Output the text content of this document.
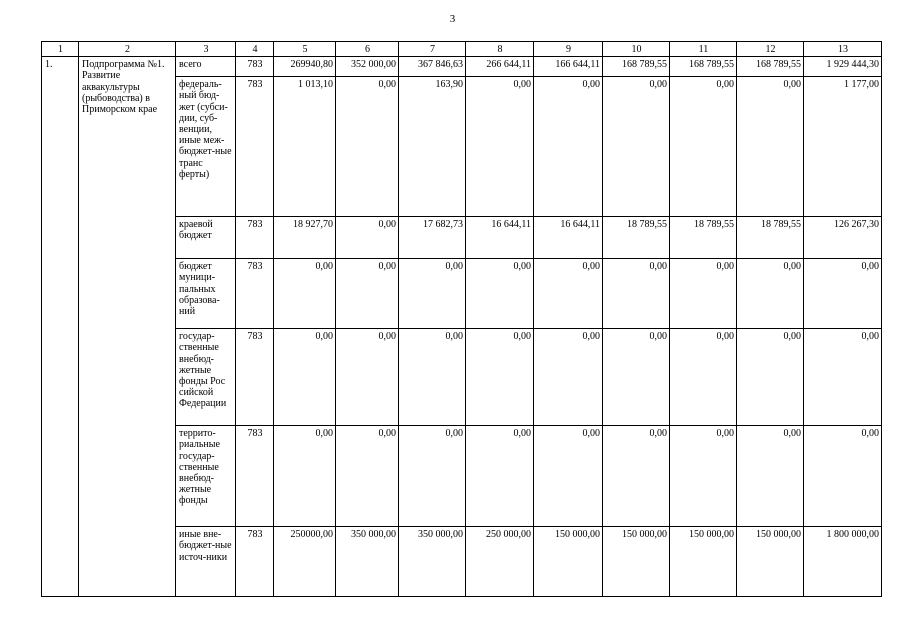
3
1	2	3	4	5	6	7	8	9	10	11	12	13
1.	Подпрограмма №1. Развитие аквакультуры (рыбоводства) в Приморском крае	всего	783	269940,80	352 000,00	367 846,63	266 644,11	166 644,11	168 789,55	168 789,55	168 789,55	1 929 444,30
		федераль-ный бюд-жет (субси-дии, суб-венции, иные меж-бюджет-ные транс ферты)	783	1 013,10	0,00	163,90	0,00	0,00	0,00	0,00	0,00	1 177,00
		краевой бюджет	783	18 927,70	0,00	17 682,73	16 644,11	16 644,11	18 789,55	18 789,55	18 789,55	126 267,30
		бюджет муници-пальных образова-ний	783	0,00	0,00	0,00	0,00	0,00	0,00	0,00	0,00	0,00
		государ-ственные внебюд-жетные фонды Рос сийской Федерации	783	0,00	0,00	0,00	0,00	0,00	0,00	0,00	0,00	0,00
		террито-риальные государ-ственные внебюд-жетные фонды	783	0,00	0,00	0,00	0,00	0,00	0,00	0,00	0,00	0,00
		иные вне-бюджет-ные источ-ники	783	250000,00	350 000,00	350 000,00	250 000,00	150 000,00	150 000,00	150 000,00	150 000,00	1 800 000,00
